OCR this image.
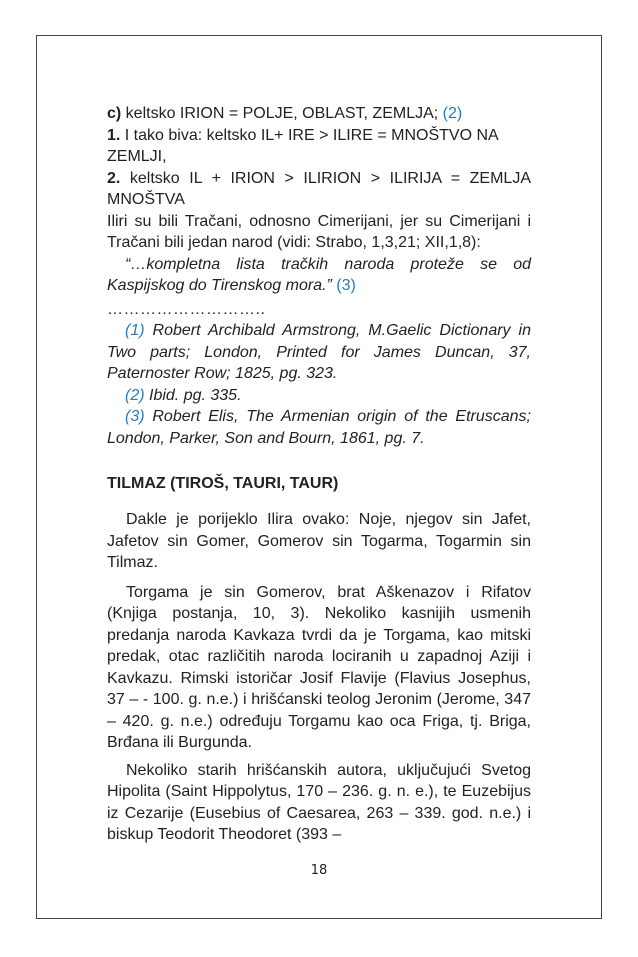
c) keltsko IRION = POLJE, OBLAST, ZEMLJA; (2)

1. I tako biva: keltsko IL+ IRE > ILIRE = MNOŠTVO NA ZEMLJI,

2. keltsko IL + IRION > ILIRION > ILIRIJA = ZEMLJA MNOŠTVA

Iliri su bili Tračani, odnosno Cimerijani, jer su Cimerijani i Tračani bili jedan narod (vidi: Strabo, 1,3,21; XII,1,8):

“…kompletna lista tračkih naroda proteže se od Kaspijskog do Tirenskog mora.” (3)

………………………..

(1) Robert Archibald Armstrong, M.Gaelic Dictionary in Two parts; London, Printed for James Duncan, 37, Paternoster Row; 1825, pg. 323.

(2) Ibid. pg. 335.

(3) Robert Elis, The Armenian origin of the Etruscans; London, Parker, Son and Bourn, 1861, pg. 7.

TILMAZ (TIROŠ, TAURI, TAUR)

Dakle je porijeklo Ilira ovako: Noje, njegov sin Jafet, Jafetov sin Gomer, Gomerov sin Togarma, Togarmin sin Tilmaz.

Torgama je sin Gomerov, brat Aškenazov i Rifatov (Knjiga postanja, 10, 3). Nekoliko kasnijih usmenih predanja naroda Kavkaza tvrdi da je Torgama, kao mitski predak, otac različitih naroda lociranih u zapadnoj Aziji i Kavkazu. Rimski istoričar Josif Flavije (Flavius Josephus, 37 – - 100. g. n.e.) i hrišćanski teolog Jeronim (Jerome, 347 – 420. g. n.e.) određuju Torgamu kao oca Friga, tj. Briga, Brđana ili Burgunda.

Nekoliko starih hrišćanskih autora, uključujući Svetog Hipolita (Saint Hippolytus, 170 – 236. g. n. e.), te Euzebijus iz Cezarije (Eusebius of Caesarea, 263 – 339. god. n.e.) i biskup Teodorit Theodoret (393 –

18
